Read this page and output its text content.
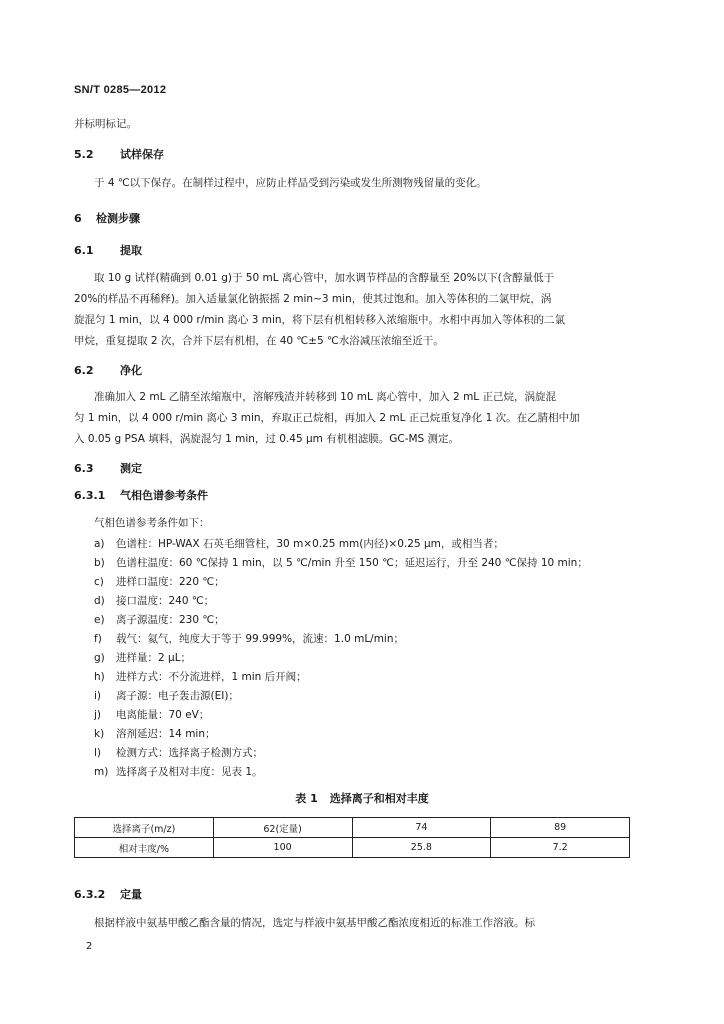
SN/T 0285—2012
并标明标记。
5.2 试样保存
于 4 ℃以下保存。在制样过程中，应防止样品受到污染或发生所测物残留量的变化。
6 检测步骤
6.1 提取
取 10 g 试样(精确到 0.01 g)于 50 mL 离心管中，加水调节样品的含醇量至 20%以下(含醇量低于
20%的样品不再稀释)。加入适量氯化钠振摇 2 min~3 min，使其过饱和。加入等体积的二氯甲烷，涡
旋混匀 1 min，以 4 000 r/min 离心 3 min，将下层有机相转移入浓缩瓶中。水相中再加入等体积的二氯
甲烷，重复提取 2 次，合并下层有机相，在 40 ℃±5 ℃水浴减压浓缩至近干。
6.2 净化
准确加入 2 mL 乙腈至浓缩瓶中，溶解残渣并转移到 10 mL 离心管中，加入 2 mL 正己烷，涡旋混
匀 1 min，以 4 000 r/min 离心 3 min，弃取正己烷相，再加入 2 mL 正己烷重复净化 1 次。在乙腈相中加
入 0.05 g PSA 填料，涡旋混匀 1 min，过 0.45 μm 有机相滤膜。GC-MS 测定。
6.3 测定
6.3.1 气相色谱参考条件
气相色谱参考条件如下：
a) 色谱柱：HP-WAX 石英毛细管柱，30 m×0.25 mm(内径)×0.25 μm，或相当者；
b) 色谱柱温度：60 ℃保持 1 min，以 5 ℃/min 升至 150 ℃；延迟运行，升至 240 ℃保持 10 min；
c) 进样口温度：220 ℃；
d) 接口温度：240 ℃；
e) 离子源温度：230 ℃；
f) 载气：氦气，纯度大于等于 99.999%，流速：1.0 mL/min；
g) 进样量：2 μL；
h) 进样方式：不分流进样，1 min 后开阀；
i) 离子源：电子轰击源(EI)；
j) 电离能量：70 eV；
k) 溶剂延迟：14 min；
l) 检测方式：选择离子检测方式；
m) 选择离子及相对丰度：见表 1。
表 1 选择离子和相对丰度
选择离子(m/z)	62(定量)	74	89
相对丰度/%	100	25.8	7.2
6.3.2 定量
根据样液中氨基甲酸乙酯含量的情况，选定与样液中氨基甲酸乙酯浓度相近的标准工作溶液。标
2
